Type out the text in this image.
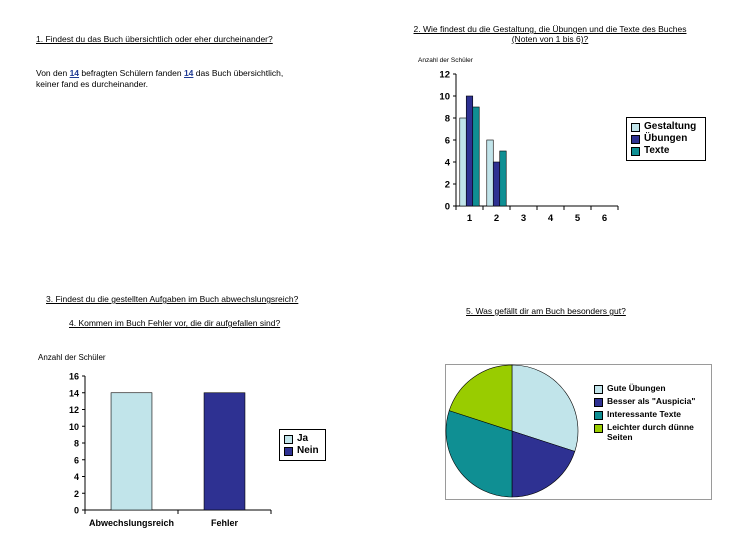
1. Findest du das Buch übersichtlich oder eher durcheinander?
Von den 14 befragten Schülern fanden 14 das Buch übersichtlich,
keiner fand es durcheinander.
2. Wie findest du die Gestaltung, die Übungen und die Texte des Buches
(Noten von 1 bis 6)?
Anzahl der Schüler
0
2
4
6
8
10
12
1 2 3 4 5 6
Gestaltung
Übungen
Texte
3. Findest du die gestellten Aufgaben im Buch abwechslungsreich?
4. Kommen im Buch Fehler vor, die dir aufgefallen sind?
Anzahl der Schüler
0
2
4
6
8
10
12
14
16
Abwechslungsreich	Fehler
Ja
Nein
5. Was gefällt dir am Buch besonders gut?
Gute Übungen
Besser als "Auspicia"
Interessante Texte
Leichter durch dünne Seiten
